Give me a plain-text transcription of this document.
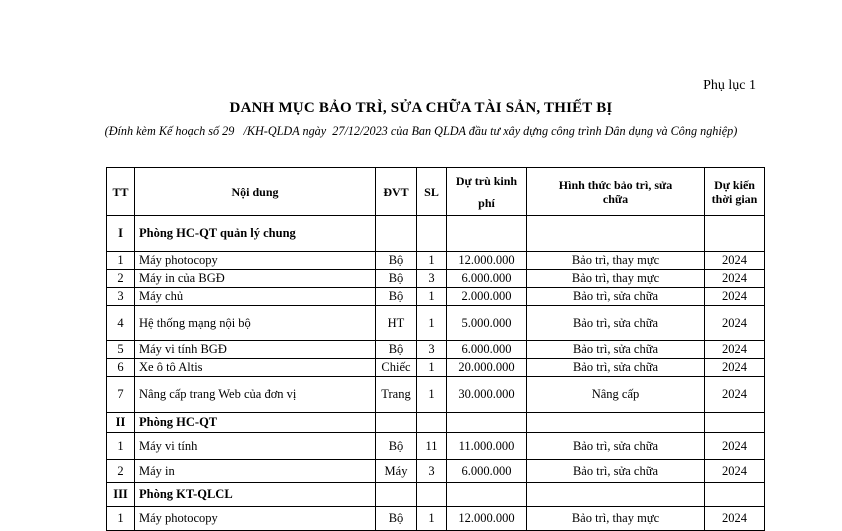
Phụ lục 1
DANH MỤC BẢO TRÌ, SỬA CHỮA TÀI SẢN, THIẾT BỊ
(Đính kèm Kế hoạch số 29   /KH-QLDA ngày  27/12/2023 của Ban QLDA đầu tư xây dựng công trình Dân dụng và Công nghiệp)
TT	Nội dung	ĐVT	SL	Dự trù kinh phí	Hình thức bảo trì, sửa chữa	Dự kiến thời gian
I	Phòng HC-QT quản lý chung					
1	Máy photocopy	Bộ	1	12.000.000	Bảo trì, thay mực	2024
2	Máy in của BGĐ	Bộ	3	6.000.000	Bảo trì, thay mực	2024
3	Máy chủ	Bộ	1	2.000.000	Bảo trì, sửa chữa	2024
4	Hệ thống mạng nội bộ	HT	1	5.000.000	Bảo trì, sửa chữa	2024
5	Máy vi tính BGĐ	Bộ	3	6.000.000	Bảo trì, sửa chữa	2024
6	Xe ô tô Altis	Chiếc	1	20.000.000	Bảo trì, sửa chữa	2024
7	Nâng cấp trang Web của đơn vị	Trang	1	30.000.000	Nâng cấp	2024
II	Phòng HC-QT					
1	Máy vi tính	Bộ	11	11.000.000	Bảo trì, sửa chữa	2024
2	Máy in	Máy	3	6.000.000	Bảo trì, sửa chữa	2024
III	Phòng KT-QLCL					
1	Máy photocopy	Bộ	1	12.000.000	Bảo trì, thay mực	2024
